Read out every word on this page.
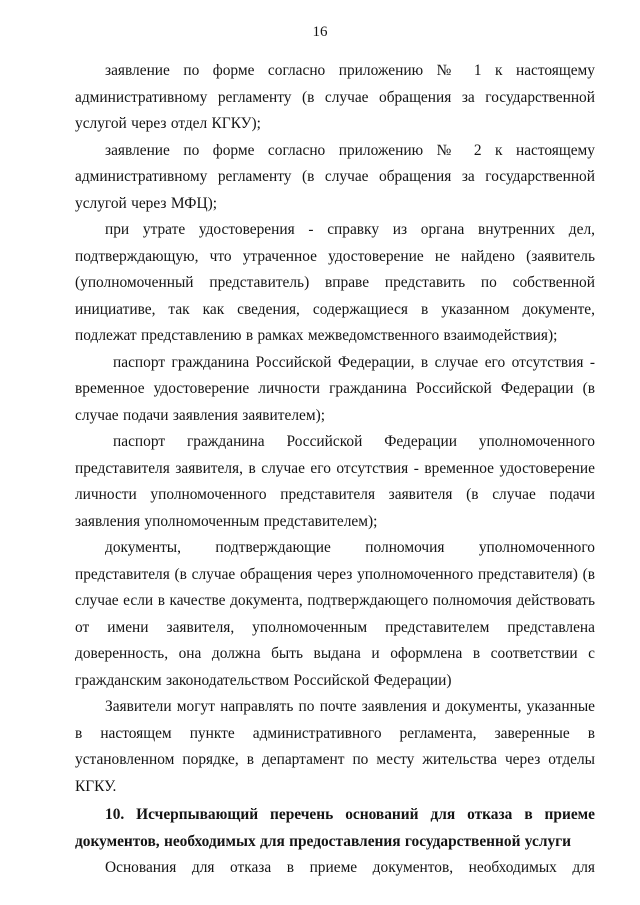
16

заявление по форме согласно приложению № 1 к настоящему административному регламенту (в случае обращения за государственной услугой через отдел КГКУ);

заявление по форме согласно приложению № 2 к настоящему административному регламенту (в случае обращения за государственной услугой через МФЦ);

при утрате удостоверения - справку из органа внутренних дел, подтверждающую, что утраченное удостоверение не найдено (заявитель (уполномоченный представитель) вправе представить по собственной инициативе, так как сведения, содержащиеся в указанном документе, подлежат представлению в рамках межведомственного взаимодействия);

паспорт гражданина Российской Федерации, в случае его отсутствия - временное удостоверение личности гражданина Российской Федерации (в случае подачи заявления заявителем);

паспорт гражданина Российской Федерации уполномоченного представителя заявителя, в случае его отсутствия - временное удостоверение личности уполномоченного представителя заявителя (в случае подачи заявления уполномоченным представителем);

документы, подтверждающие полномочия уполномоченного представителя (в случае обращения через уполномоченного представителя) (в случае если в качестве документа, подтверждающего полномочия действовать от имени заявителя, уполномоченным представителем представлена доверенность, она должна быть выдана и оформлена в соответствии с гражданским законодательством Российской Федерации)

Заявители могут направлять по почте заявления и документы, указанные в настоящем пункте административного регламента, заверенные в установленном порядке, в департамент по месту жительства через отделы КГКУ.

10. Исчерпывающий перечень оснований для отказа в приеме документов, необходимых для предоставления государственной услуги

Основания для отказа в приеме документов, необходимых для
